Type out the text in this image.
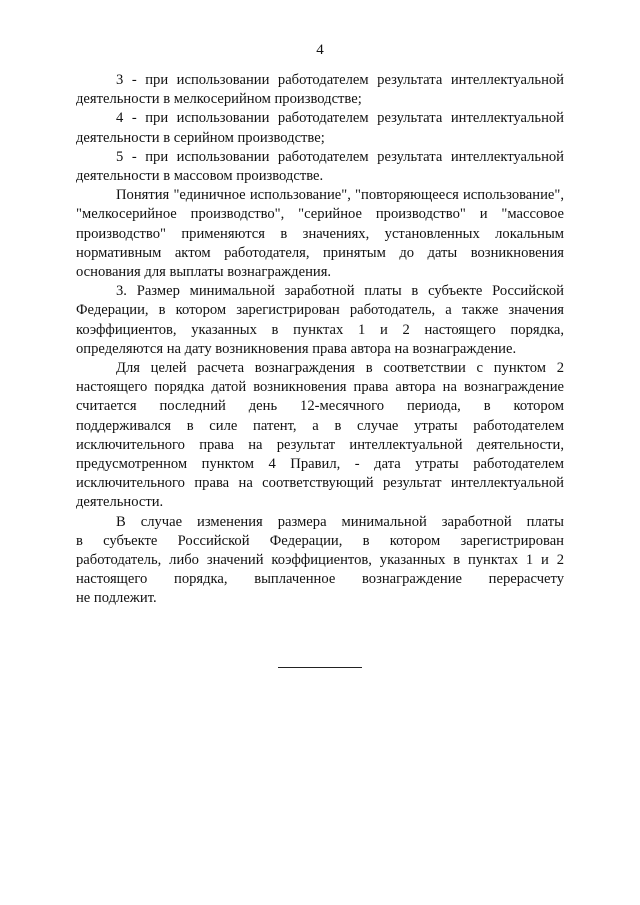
4

3 - при использовании работодателем результата интеллектуальной
деятельности в мелкосерийном производстве;

4 - при использовании работодателем результата интеллектуальной
деятельности в серийном производстве;

5 - при использовании работодателем результата интеллектуальной
деятельности в массовом производстве.

Понятия "единичное использование", "повторяющееся использование",
"мелкосерийное производство", "серийное производство" и "массовое
производство" применяются в значениях, установленных локальным
нормативным актом работодателя, принятым до даты возникновения
основания для выплаты вознаграждения.

3. Размер минимальной заработной платы в субъекте Российской
Федерации, в котором зарегистрирован работодатель, а также значения
коэффициентов, указанных в пунктах 1 и 2 настоящего порядка,
определяются на дату возникновения права автора на вознаграждение.

Для целей расчета вознаграждения в соответствии с пунктом 2
настоящего порядка датой возникновения права автора на вознаграждение
считается последний день 12-месячного периода, в котором
поддерживался в силе патент, а в случае утраты работодателем
исключительного права на результат интеллектуальной деятельности,
предусмотренном пунктом 4 Правил, - дата утраты работодателем
исключительного права на соответствующий результат интеллектуальной
деятельности.

В случае изменения размера минимальной заработной платы
в субъекте Российской Федерации, в котором зарегистрирован
работодатель, либо значений коэффициентов, указанных в пунктах 1 и 2
настоящего порядка, выплаченное вознаграждение перерасчету
не подлежит.
